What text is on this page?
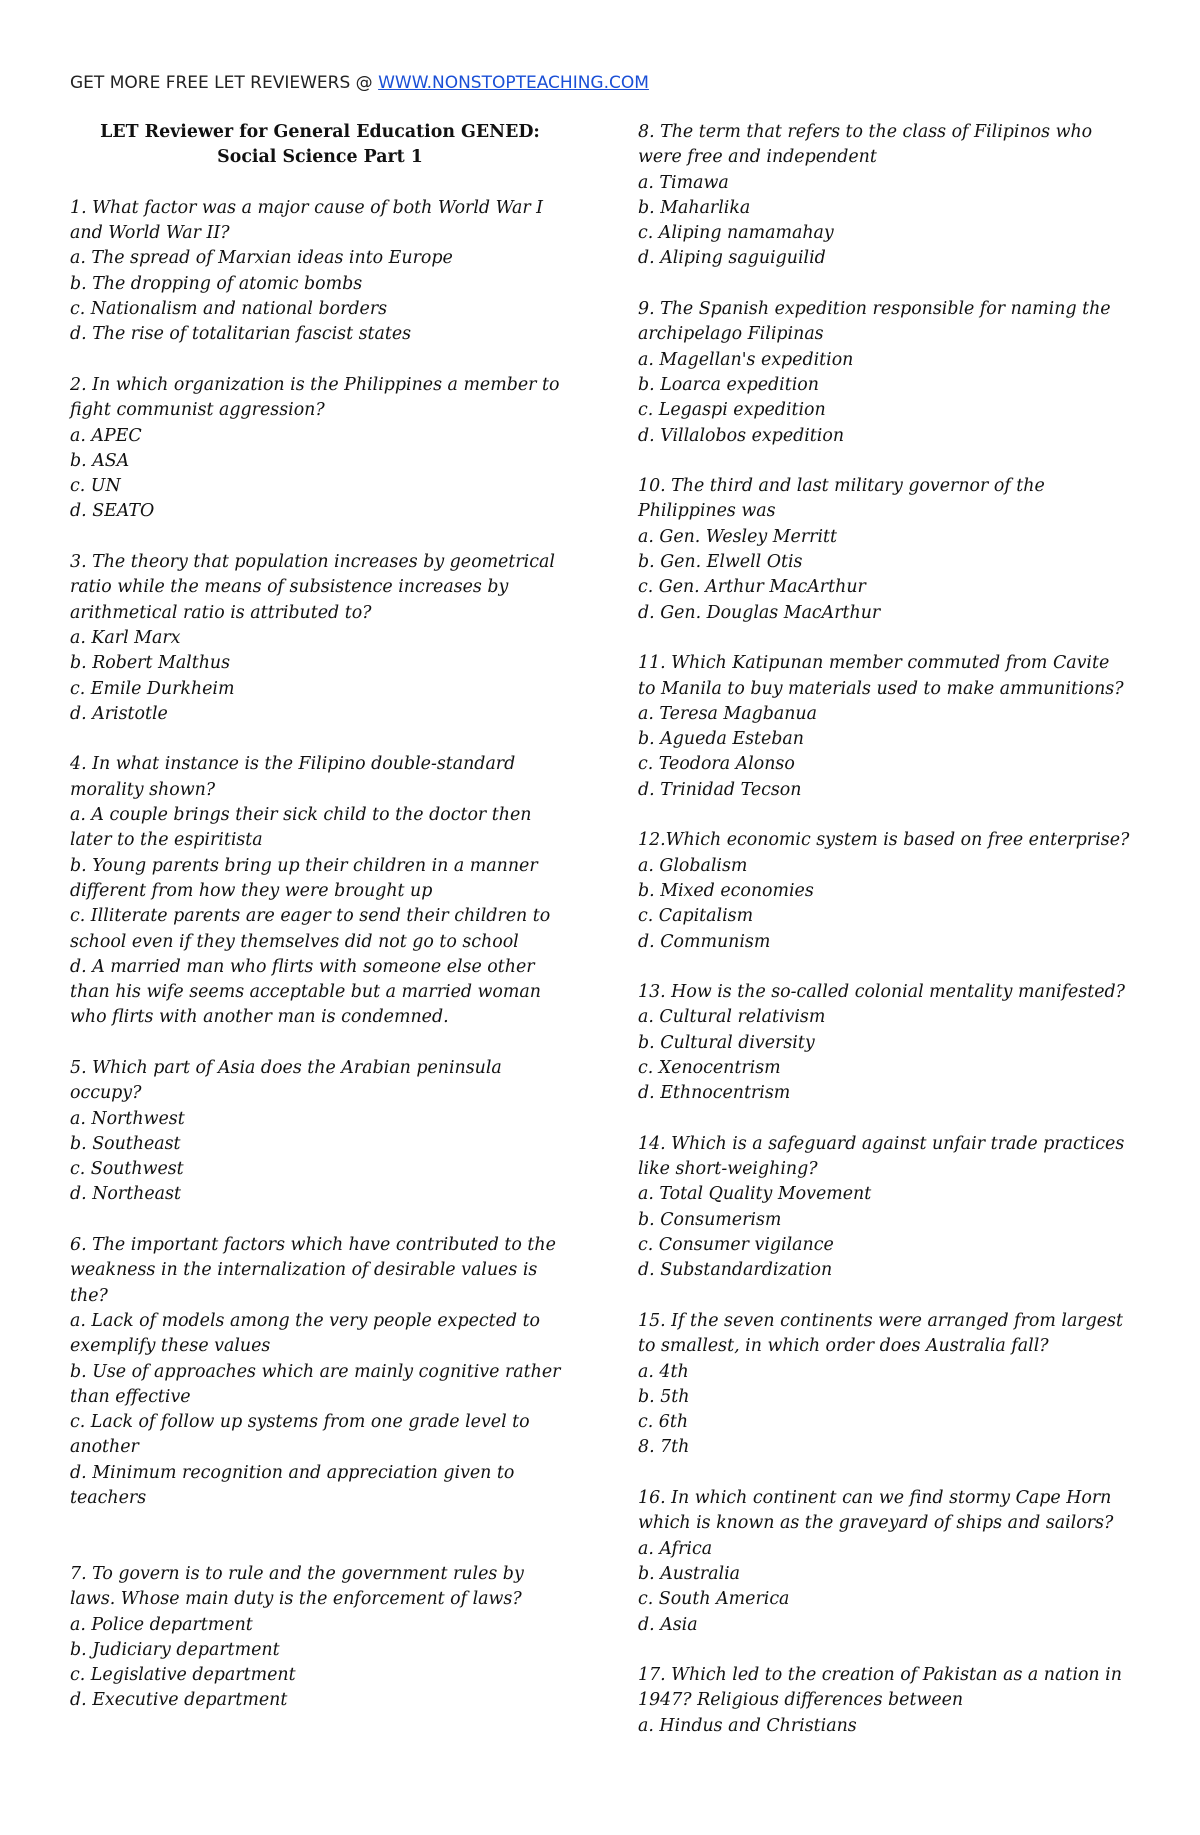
GET MORE FREE LET REVIEWERS @ WWW.NONSTOPTEACHING.COM
LET Reviewer for General Education GENED:
Social Science Part 1
1. What factor was a major cause of both World War I
and World War II?
a. The spread of Marxian ideas into Europe
b. The dropping of atomic bombs
c. Nationalism and national borders
d. The rise of totalitarian fascist states
2. In which organization is the Philippines a member to
fight communist aggression?
a. APEC
b. ASA
c. UN
d. SEATO
3. The theory that population increases by geometrical
ratio while the means of subsistence increases by
arithmetical ratio is attributed to?
a. Karl Marx
b. Robert Malthus
c. Emile Durkheim
d. Aristotle
4. In what instance is the Filipino double-standard
morality shown?
a. A couple brings their sick child to the doctor then
later to the espiritista
b. Young parents bring up their children in a manner
different from how they were brought up
c. Illiterate parents are eager to send their children to
school even if they themselves did not go to school
d. A married man who flirts with someone else other
than his wife seems acceptable but a married woman
who flirts with another man is condemned.
5. Which part of Asia does the Arabian peninsula
occupy?
a. Northwest
b. Southeast
c. Southwest
d. Northeast
6. The important factors which have contributed to the
weakness in the internalization of desirable values is
the?
a. Lack of models among the very people expected to
exemplify these values
b. Use of approaches which are mainly cognitive rather
than effective
c. Lack of follow up systems from one grade level to
another
d. Minimum recognition and appreciation given to
teachers
7. To govern is to rule and the government rules by
laws. Whose main duty is the enforcement of laws?
a. Police department
b. Judiciary department
c. Legislative department
d. Executive department
8. The term that refers to the class of Filipinos who
were free and independent
a. Timawa
b. Maharlika
c. Aliping namamahay
d. Aliping saguiguilid
9. The Spanish expedition responsible for naming the
archipelago Filipinas
a. Magellan's expedition
b. Loarca expedition
c. Legaspi expedition
d. Villalobos expedition
10. The third and last military governor of the
Philippines was
a. Gen. Wesley Merritt
b. Gen. Elwell Otis
c. Gen. Arthur MacArthur
d. Gen. Douglas MacArthur
11. Which Katipunan member commuted from Cavite
to Manila to buy materials used to make ammunitions?
a. Teresa Magbanua
b. Agueda Esteban
c. Teodora Alonso
d. Trinidad Tecson
12.Which economic system is based on free enterprise?
a. Globalism
b. Mixed economies
c. Capitalism
d. Communism
13. How is the so-called colonial mentality manifested?
a. Cultural relativism
b. Cultural diversity
c. Xenocentrism
d. Ethnocentrism
14. Which is a safeguard against unfair trade practices
like short-weighing?
a. Total Quality Movement
b. Consumerism
c. Consumer vigilance
d. Substandardization
15. If the seven continents were arranged from largest
to smallest, in which order does Australia fall?
a. 4th
b. 5th
c. 6th
8. 7th
16. In which continent can we find stormy Cape Horn
which is known as the graveyard of ships and sailors?
a. Africa
b. Australia
c. South America
d. Asia
17. Which led to the creation of Pakistan as a nation in
1947? Religious differences between
a. Hindus and Christians
